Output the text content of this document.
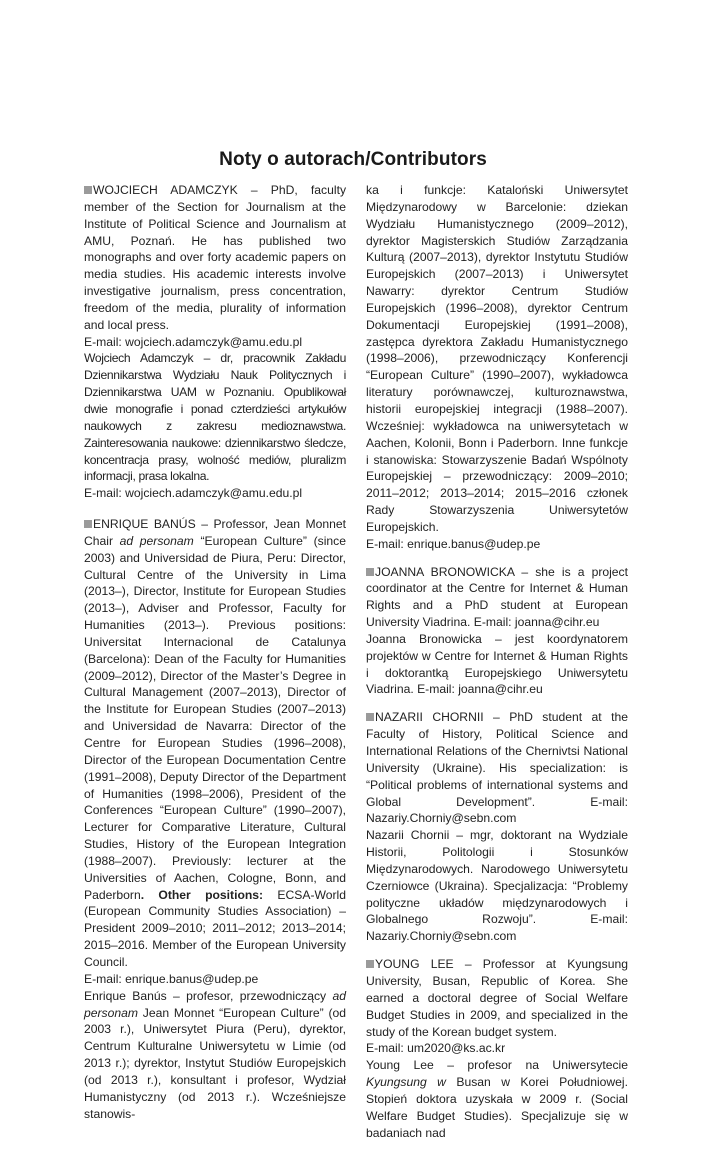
Noty o autorach/Contributors

WOJCIECH ADAMCZYK – PhD, faculty member of the Section for Journalism at the Institute of Political Science and Journalism at AMU, Poznań. He has published two monographs and over forty academic papers on media studies. His academic interests involve investigative journalism, press concentration, freedom of the media, plurality of information and local press.

E-mail: wojciech.adamczyk@amu.edu.pl

Wojciech Adamczyk – dr, pracownik Zakładu Dziennikarstwa Wydziału Nauk Politycznych i Dziennikarstwa UAM w Poznaniu. Opublikował dwie monografie i ponad czterdzieści artykułów naukowych z zakresu medioznawstwa. Zainteresowania naukowe: dziennikarstwo śledcze, koncentracja prasy, wolność mediów, pluralizm informacji, prasa lokalna.

E-mail: wojciech.adamczyk@amu.edu.pl

ENRIQUE BANÚS – Professor, Jean Monnet Chair ad personam “European Culture” (since 2003) and Universidad de Piura, Peru: Director, Cultural Centre of the University in Lima (2013–), Director, Institute for European Studies (2013–), Adviser and Professor, Faculty for Humanities (2013–). Previous positions: Universitat Internacional de Catalunya (Barcelona): Dean of the Faculty for Humanities (2009–2012), Director of the Master’s Degree in Cultural Management (2007–2013), Director of the Institute for European Studies (2007–2013) and Universidad de Navarra: Director of the Centre for European Studies (1996–2008), Director of the European Documentation Centre (1991–2008), Deputy Director of the Department of Humanities (1998–2006), President of the Conferences “European Culture” (1990–2007), Lecturer for Comparative Literature, Cultural Studies, History of the European Integration (1988–2007). Previously: lecturer at the Universities of Aachen, Cologne, Bonn, and Paderborn. Other positions: ECSA-World (European Community Studies Association) – President 2009–2010; 2011–2012; 2013–2014; 2015–2016. Member of the European University Council.

E-mail: enrique.banus@udep.pe

Enrique Banús – profesor, przewodniczący ad personam Jean Monnet “European Culture” (od 2003 r.), Uniwersytet Piura (Peru), dyrektor, Centrum Kulturalne Uniwersytetu w Limie (od 2013 r.); dyrektor, Instytut Studiów Europejskich (od 2013 r.), konsultant i profesor, Wydział Humanistyczny (od 2013 r.). Wcześniejsze stanowis-

ka i funkcje: Kataloński Uniwersytet Międzynarodowy w Barcelonie: dziekan Wydziału Humanistycznego (2009–2012), dyrektor Magisterskich Studiów Zarządzania Kulturą (2007–2013), dyrektor Instytutu Studiów Europejskich (2007–2013) i Uniwersytet Nawarry: dyrektor Centrum Studiów Europejskich (1996–2008), dyrektor Centrum Dokumentacji Europejskiej (1991–2008), zastępca dyrektora Zakładu Humanistycznego (1998–2006), przewodniczący Konferencji “European Culture” (1990–2007), wykładowca literatury porównawczej, kulturoznawstwa, historii europejskiej integracji (1988–2007). Wcześniej: wykładowca na uniwersytetach w Aachen, Kolonii, Bonn i Paderborn. Inne funkcje i stanowiska: Stowarzyszenie Badań Wspólnoty Europejskiej – przewodniczący: 2009–2010; 2011–2012; 2013–2014; 2015–2016 członek Rady Stowarzyszenia Uniwersytetów Europejskich.

E-mail: enrique.banus@udep.pe

JOANNA BRONOWICKA – she is a project coordinator at the Centre for Internet & Human Rights and a PhD student at European University Viadrina. E-mail: joanna@cihr.eu

Joanna Bronowicka – jest koordynatorem projektów w Centre for Internet & Human Rights i doktorantką Europejskiego Uniwersytetu Viadrina. E-mail: joanna@cihr.eu

NAZARII CHORNII – PhD student at the Faculty of History, Political Science and International Relations of the Chernivtsi National University (Ukraine). His specialization: is “Political problems of international systems and Global Development”. E-mail: Nazariy.Chorniy@sebn.com

Nazarii Chornii – mgr, doktorant na Wydziale Historii, Politologii i Stosunków Międzynarodowych. Narodowego Uniwersytetu Czerniowce (Ukraina). Specjalizacja: “Problemy polityczne układów międzynarodowych i Globalnego Rozwoju”. E-mail: Nazariy.Chorniy@sebn.com

YOUNG LEE – Professor at Kyungsung University, Busan, Republic of Korea. She earned a doctoral degree of Social Welfare Budget Studies in 2009, and specialized in the study of the Korean budget system.

E-mail: um2020@ks.ac.kr

Young Lee – profesor na Uniwersytecie Kyungsung w Busan w Korei Południowej. Stopień doktora uzyskała w 2009 r. (Social Welfare Budget Studies). Specjalizuje się w badaniach nad
